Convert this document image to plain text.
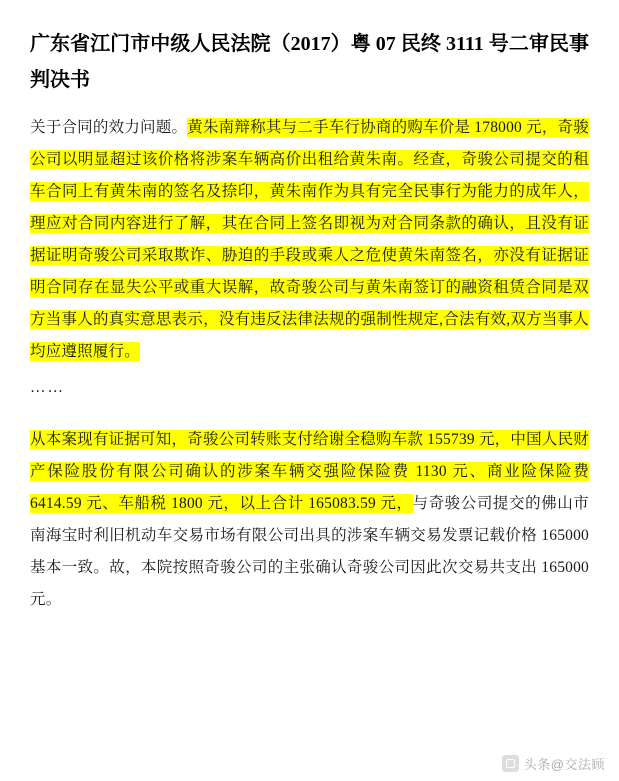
广东省江门市中级人民法院（2017）粤 07 民终 3111 号二审民事判决书

关于合同的效力问题。黄朱南辩称其与二手车行协商的购车价是 178000 元，奇骏公司以明显超过该价格将涉案车辆高价出租给黄朱南。经查，奇骏公司提交的租车合同上有黄朱南的签名及捺印，黄朱南作为具有完全民事行为能力的成年人，理应对合同内容进行了解，其在合同上签名即视为对合同条款的确认，且没有证据证明奇骏公司采取欺诈、胁迫的手段或乘人之危使黄朱南签名，亦没有证据证明合同存在显失公平或重大误解，故奇骏公司与黄朱南签订的融资租赁合同是双方当事人的真实意思表示，没有违反法律法规的强制性规定,合法有效,双方当事人均应遵照履行。

……

从本案现有证据可知，奇骏公司转账支付给谢全稳购车款 155739 元，中国人民财产保险股份有限公司确认的涉案车辆交强险保险费 1130 元、商业险保险费 6414.59 元、车船税 1800 元，以上合计 165083.59 元，与奇骏公司提交的佛山市南海宝时利旧机动车交易市场有限公司出具的涉案车辆交易发票记载价格 165000 基本一致。故，本院按照奇骏公司的主张确认奇骏公司因此次交易共支出 165000 元。

头条@交法顾
